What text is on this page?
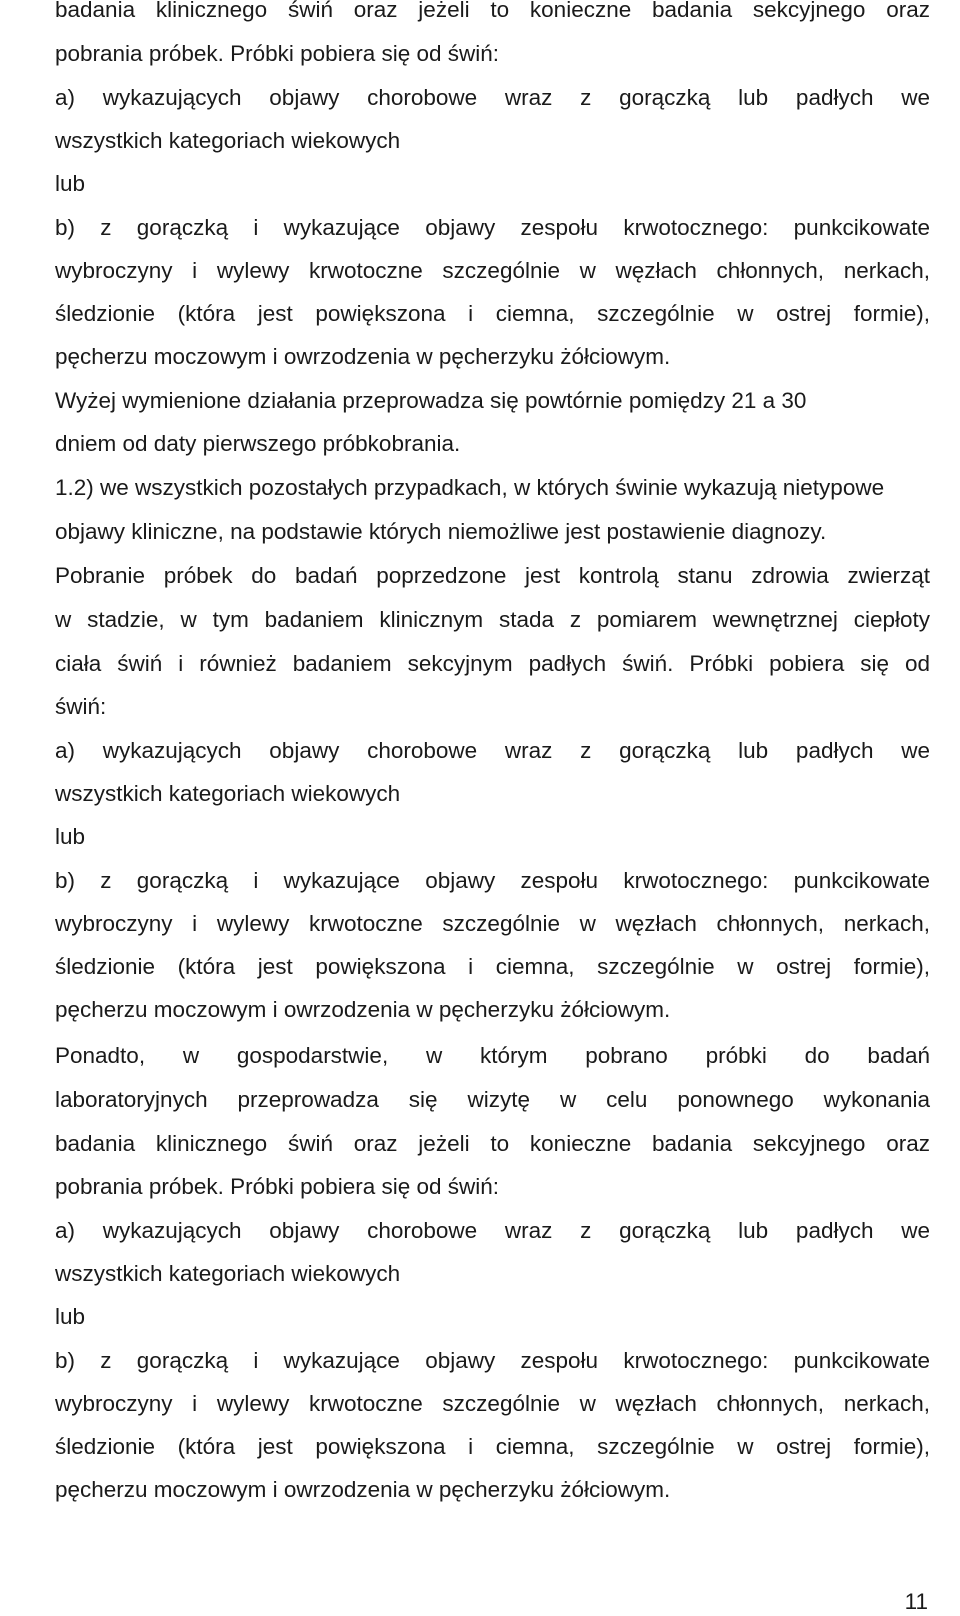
badania klinicznego świń oraz jeżeli to konieczne badania sekcyjnego oraz
pobrania próbek. Próbki pobiera się od świń:
a) wykazujących objawy chorobowe wraz z gorączką lub padłych we
wszystkich kategoriach wiekowych
lub
b) z gorączką i wykazujące objawy zespołu krwotocznego: punkcikowate
wybroczyny i wylewy krwotoczne szczególnie w węzłach chłonnych, nerkach,
śledzionie (która jest powiększona i ciemna, szczególnie w ostrej formie),
pęcherzu moczowym i owrzodzenia w pęcherzyku żółciowym.
Wyżej wymienione działania przeprowadza się powtórnie pomiędzy 21 a 30
dniem od daty pierwszego próbkobrania.
1.2) we wszystkich pozostałych przypadkach, w których świnie wykazują nietypowe
objawy kliniczne, na podstawie których niemożliwe jest postawienie diagnozy.
Pobranie próbek do badań poprzedzone jest kontrolą stanu zdrowia zwierząt
w stadzie, w tym badaniem klinicznym stada z pomiarem wewnętrznej ciepłoty
ciała świń i również badaniem sekcyjnym padłych świń. Próbki pobiera się od
świń:
a) wykazujących objawy chorobowe wraz z gorączką lub padłych we
wszystkich kategoriach wiekowych
lub
b) z gorączką i wykazujące objawy zespołu krwotocznego: punkcikowate
wybroczyny i wylewy krwotoczne szczególnie w węzłach chłonnych, nerkach,
śledzionie (która jest powiększona i ciemna, szczególnie w ostrej formie),
pęcherzu moczowym i owrzodzenia w pęcherzyku żółciowym.
Ponadto, w gospodarstwie, w którym pobrano próbki do badań
laboratoryjnych przeprowadza się wizytę w celu ponownego wykonania
badania klinicznego świń oraz jeżeli to konieczne badania sekcyjnego oraz
pobrania próbek. Próbki pobiera się od świń:
a) wykazujących objawy chorobowe wraz z gorączką lub padłych we
wszystkich kategoriach wiekowych
lub
b) z gorączką i wykazujące objawy zespołu krwotocznego: punkcikowate
wybroczyny i wylewy krwotoczne szczególnie w węzłach chłonnych, nerkach,
śledzionie (która jest powiększona i ciemna, szczególnie w ostrej formie),
pęcherzu moczowym i owrzodzenia w pęcherzyku żółciowym.
11
